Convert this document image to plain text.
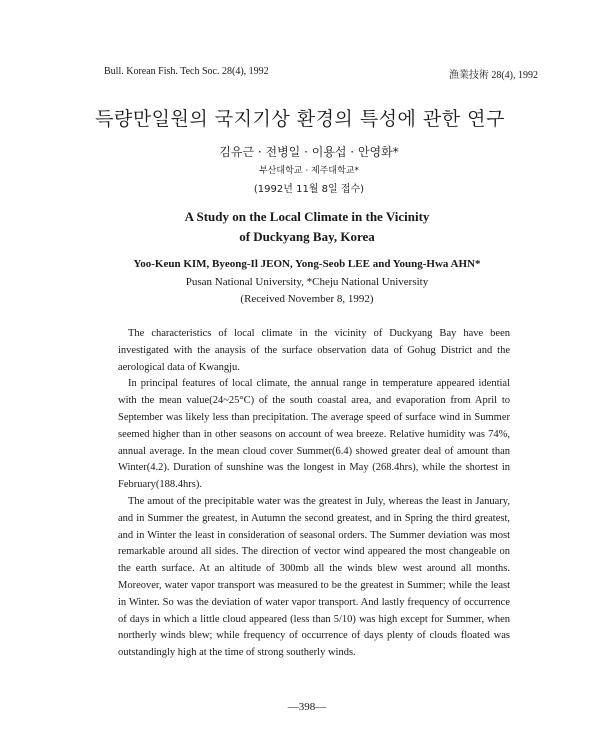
Bull. Korean Fish. Tech Soc. 28(4), 1992	漁業技術 28(4), 1992
득량만일원의 국지기상 환경의 특성에 관한 연구
김유근 · 전병일 · 이용섭 · 안영화*
부산대학교 · 제주대학교*
(1992년 11월 8일 접수)
A Study on the Local Climate in the Vicinity
of Duckyang Bay, Korea
Yoo-Keun KIM, Byeong-Il JEON, Yong-Seob LEE and Young-Hwa AHN*
Pusan National University, *Cheju National University
(Received November 8, 1992)

The characteristics of local climate in the vicinity of Duckyang Bay have been investigated with the anaysis of the surface observation data of Gohug District and the aerological data of Kwangju.

In principal features of local climate, the annual range in temperature appeared idential with the mean value(24~25°C) of the south coastal area, and evaporation from April to September was likely less than precipitation. The average speed of surface wind in Summer seemed higher than in other seasons on account of wea breeze. Relative humidity was 74%, annual average. In the mean cloud cover Summer(6.4) showed greater deal of amount than Winter(4.2). Duration of sunshine was the longest in May (268.4hrs), while the shortest in February(188.4hrs).

The amout of the precipitable water was the greatest in July, whereas the least in January, and in Summer the greatest, in Autumn the second greatest, and in Spring the third greatest, and in Winter the least in consideration of seasonal orders. The Summer deviation was most remarkable around all sides. The direction of vector wind appeared the most changeable on the earth surface. At an altitude of 300mb all the winds blew west around all months. Moreover, water vapor transport was measured to be the greatest in Summer; while the least in Winter. So was the deviation of water vapor transport. And lastly frequency of occurrence of days in which a little cloud appeared (less than 5/10) was high except for Summer, when northerly winds blew; while frequency of occurrence of days plenty of clouds floated was outstandingly high at the time of strong southerly winds.

—398—
